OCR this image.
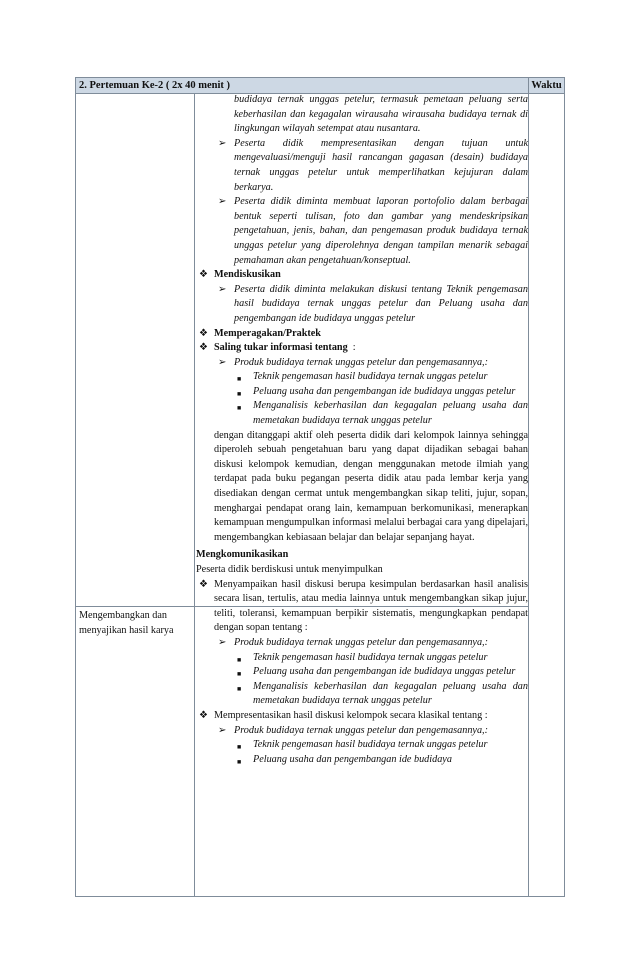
2. Pertemuan Ke-2 ( 2x 40 menit )	Waktu
Mengembangkan dan menyajikan hasil karya
budidaya ternak unggas petelur, termasuk pemetaan peluang serta keberhasilan dan kegagalan wirausaha wirausaha budidaya ternak di lingkungan wilayah setempat atau nusantara.
➢ Peserta didik mempresentasikan dengan tujuan untuk mengevaluasi/menguji hasil rancangan gagasan (desain) budidaya ternak unggas petelur untuk memperlihatkan kejujuran dalam berkarya.
➢ Peserta didik diminta membuat laporan portofolio dalam berbagai bentuk seperti tulisan, foto dan gambar yang mendeskripsikan pengetahuan, jenis, bahan, dan pengemasan produk budidaya ternak unggas petelur yang diperolehnya dengan tampilan menarik sebagai pemahaman akan pengetahuan/konseptual.
❖ Mendiskusikan
➢ Peserta didik diminta melakukan diskusi tentang Teknik pengemasan hasil budidaya ternak unggas petelur dan Peluang usaha dan pengembangan ide budidaya unggas petelur
❖ Memperagakan/Praktek
❖ Saling tukar informasi tentang  :
➢ Produk budidaya ternak unggas petelur dan pengemasannya,:
■ Teknik pengemasan hasil budidaya ternak unggas petelur
■ Peluang usaha dan pengembangan ide budidaya unggas petelur
■ Menganalisis keberhasilan dan kegagalan peluang usaha dan memetakan budidaya ternak unggas petelur
dengan ditanggapi aktif oleh peserta didik dari kelompok lainnya sehingga diperoleh sebuah pengetahuan baru yang dapat dijadikan sebagai bahan diskusi kelompok kemudian, dengan menggunakan metode ilmiah yang terdapat pada buku pegangan peserta didik atau pada lembar kerja yang disediakan dengan cermat untuk mengembangkan sikap teliti, jujur, sopan, menghargai pendapat orang lain, kemampuan berkomunikasi, menerapkan kemampuan mengumpulkan informasi melalui berbagai cara yang dipelajari, mengembangkan kebiasaan belajar dan belajar sepanjang hayat.
Mengkomunikasikan
Peserta didik berdiskusi untuk menyimpulkan
❖ Menyampaikan hasil diskusi berupa kesimpulan berdasarkan hasil analisis secara lisan, tertulis, atau media lainnya untuk mengembangkan sikap jujur, teliti, toleransi, kemampuan berpikir sistematis, mengungkapkan pendapat dengan sopan tentang :
➢ Produk budidaya ternak unggas petelur dan pengemasannya,:
■ Teknik pengemasan hasil budidaya ternak unggas petelur
■ Peluang usaha dan pengembangan ide budidaya unggas petelur
■ Menganalisis keberhasilan dan kegagalan peluang usaha dan memetakan budidaya ternak unggas petelur
❖ Mempresentasikan hasil diskusi kelompok secara klasikal tentang :
➢ Produk budidaya ternak unggas petelur dan pengemasannya,:
■ Teknik pengemasan hasil budidaya ternak unggas petelur
■ Peluang usaha dan pengembangan ide budidaya
